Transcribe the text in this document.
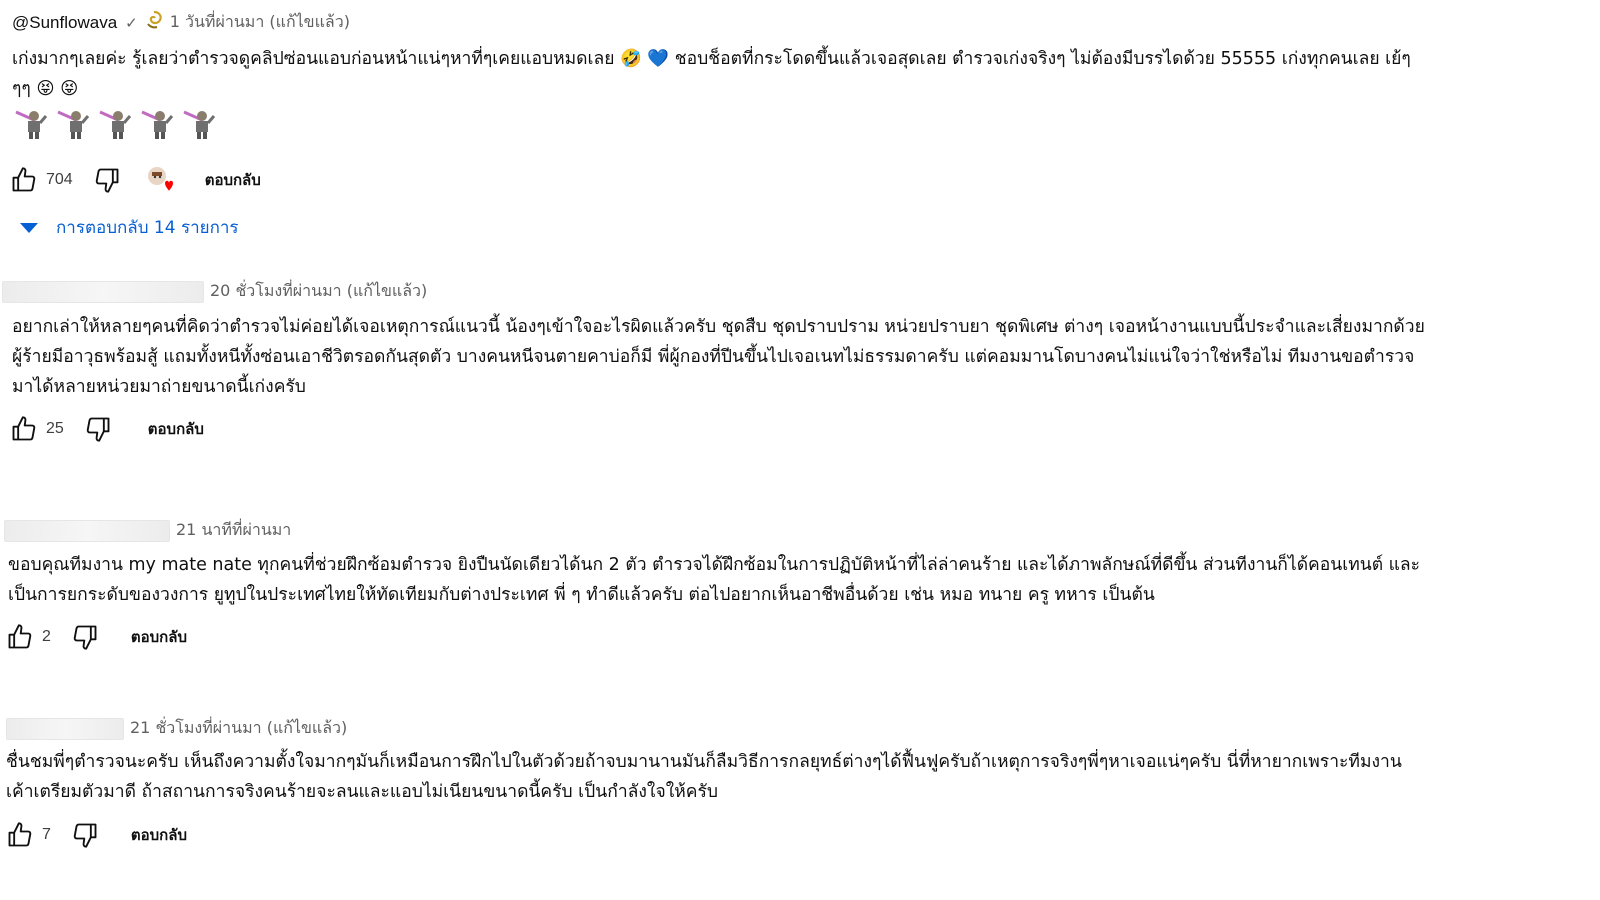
@Sunflowava ✓ 1 วันที่ผ่านมา (แก้ไขแล้ว)
เก่งมากๆเลยค่ะ รู้เลยว่าตำรวจดูคลิปซ่อนแอบก่อนหน้าแน่ๆหาที่ๆเคยแอบหมดเลย 🤣 💙 ชอบช็อตที่กระโดดขึ้นแล้วเจอสุดเลย ตำรวจเก่งจริงๆ ไม่ต้องมีบรรไดด้วย 55555 เก่งทุกคนเลย เย้ๆ
ๆๆ 😝 😝
704	ตอบกลับ
การตอบกลับ 14 รายการ
20 ชั่วโมงที่ผ่านมา (แก้ไขแล้ว)
อยากเล่าให้หลายๆคนที่คิดว่าตำรวจไม่ค่อยได้เจอเหตุการณ์แนวนี้ น้องๆเข้าใจอะไรผิดแล้วครับ ชุดสืบ ชุดปราบปราม หน่วยปราบยา ชุดพิเศษ ต่างๆ เจอหน้างานแบบนี้ประจำและเสี่ยงมากด้วย
ผู้ร้ายมีอาวุธพร้อมสู้ แถมทั้งหนีทั้งซ่อนเอาชีวิตรอดกันสุดตัว บางคนหนีจนตายคาบ่อก็มี พี่ผู้กองที่ปีนขึ้นไปเจอเนทไม่ธรรมดาครับ แต่คอมมานโดบางคนไม่แน่ใจว่าใช่หรือไม่ ทีมงานขอตำรวจ
มาได้หลายหน่วยมาถ่ายขนาดนี้เก่งครับ
25	ตอบกลับ
21 นาทีที่ผ่านมา
ขอบคุณทีมงาน my mate nate ทุกคนที่ช่วยฝึกซ้อมตำรวจ ยิงปืนนัดเดียวได้นก 2 ตัว ตำรวจได้ฝึกซ้อมในการปฏิบัติหน้าที่ไล่ล่าคนร้าย และได้ภาพลักษณ์ที่ดีขึ้น ส่วนทีงานก็ได้คอนเทนต์ และ
เป็นการยกระดับของวงการ ยูทูปในประเทศไทยให้ทัดเทียมกับต่างประเทศ พี่ ๆ ทำดีแล้วครับ ต่อไปอยากเห็นอาชีพอื่นด้วย เช่น หมอ ทนาย ครู ทหาร เป็นต้น
2	ตอบกลับ
21 ชั่วโมงที่ผ่านมา (แก้ไขแล้ว)
ชื่นชมพี่ๆตำรวจนะครับ เห็นถึงความตั้งใจมากๆมันก็เหมือนการฝึกไปในตัวด้วยถ้าจบมานานมันก็ลืมวิธีการกลยุทธ์ต่างๆได้ฟื้นฟูครับถ้าเหตุการจริงๆพี่ๆหาเจอแน่ๆครับ นี่ที่หายากเพราะทีมงาน
เค้าเตรียมตัวมาดี ถ้าสถานการจริงคนร้ายจะลนและแอบไม่เนียนขนาดนี้ครับ เป็นกำลังใจให้ครับ
7	ตอบกลับ
